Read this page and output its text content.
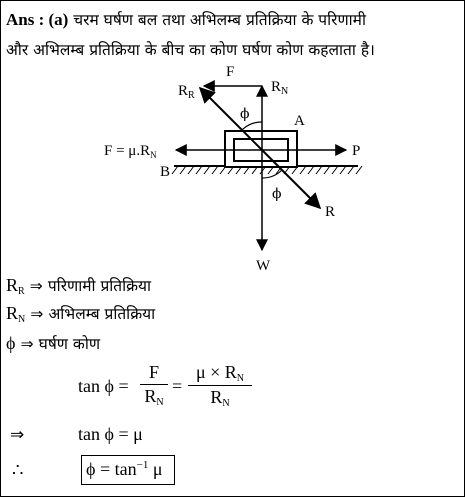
Ans : (a) चरम घर्षण बल तथा अभिलम्ब प्रतिक्रिया के परिणामी
और अभिलम्ब प्रतिक्रिया के बीच का कोण घर्षण कोण कहलाता है।
$R_R$
F
$R_N$
ϕ	A
$F = \mu.R_N$	P
B
ϕ
R
W
$R_R$ ⇒ परिणामी प्रतिक्रिया
$R_N$ ⇒ अभिलम्ब प्रतिक्रिया
ϕ ⇒ घर्षण कोण
$\tan \phi = \frac{F}{R_N} = \frac{\mu \times R_N}{R_N}$
⇒	tan ϕ = μ
∴	$\phi = \tan^{-1} \mu$
